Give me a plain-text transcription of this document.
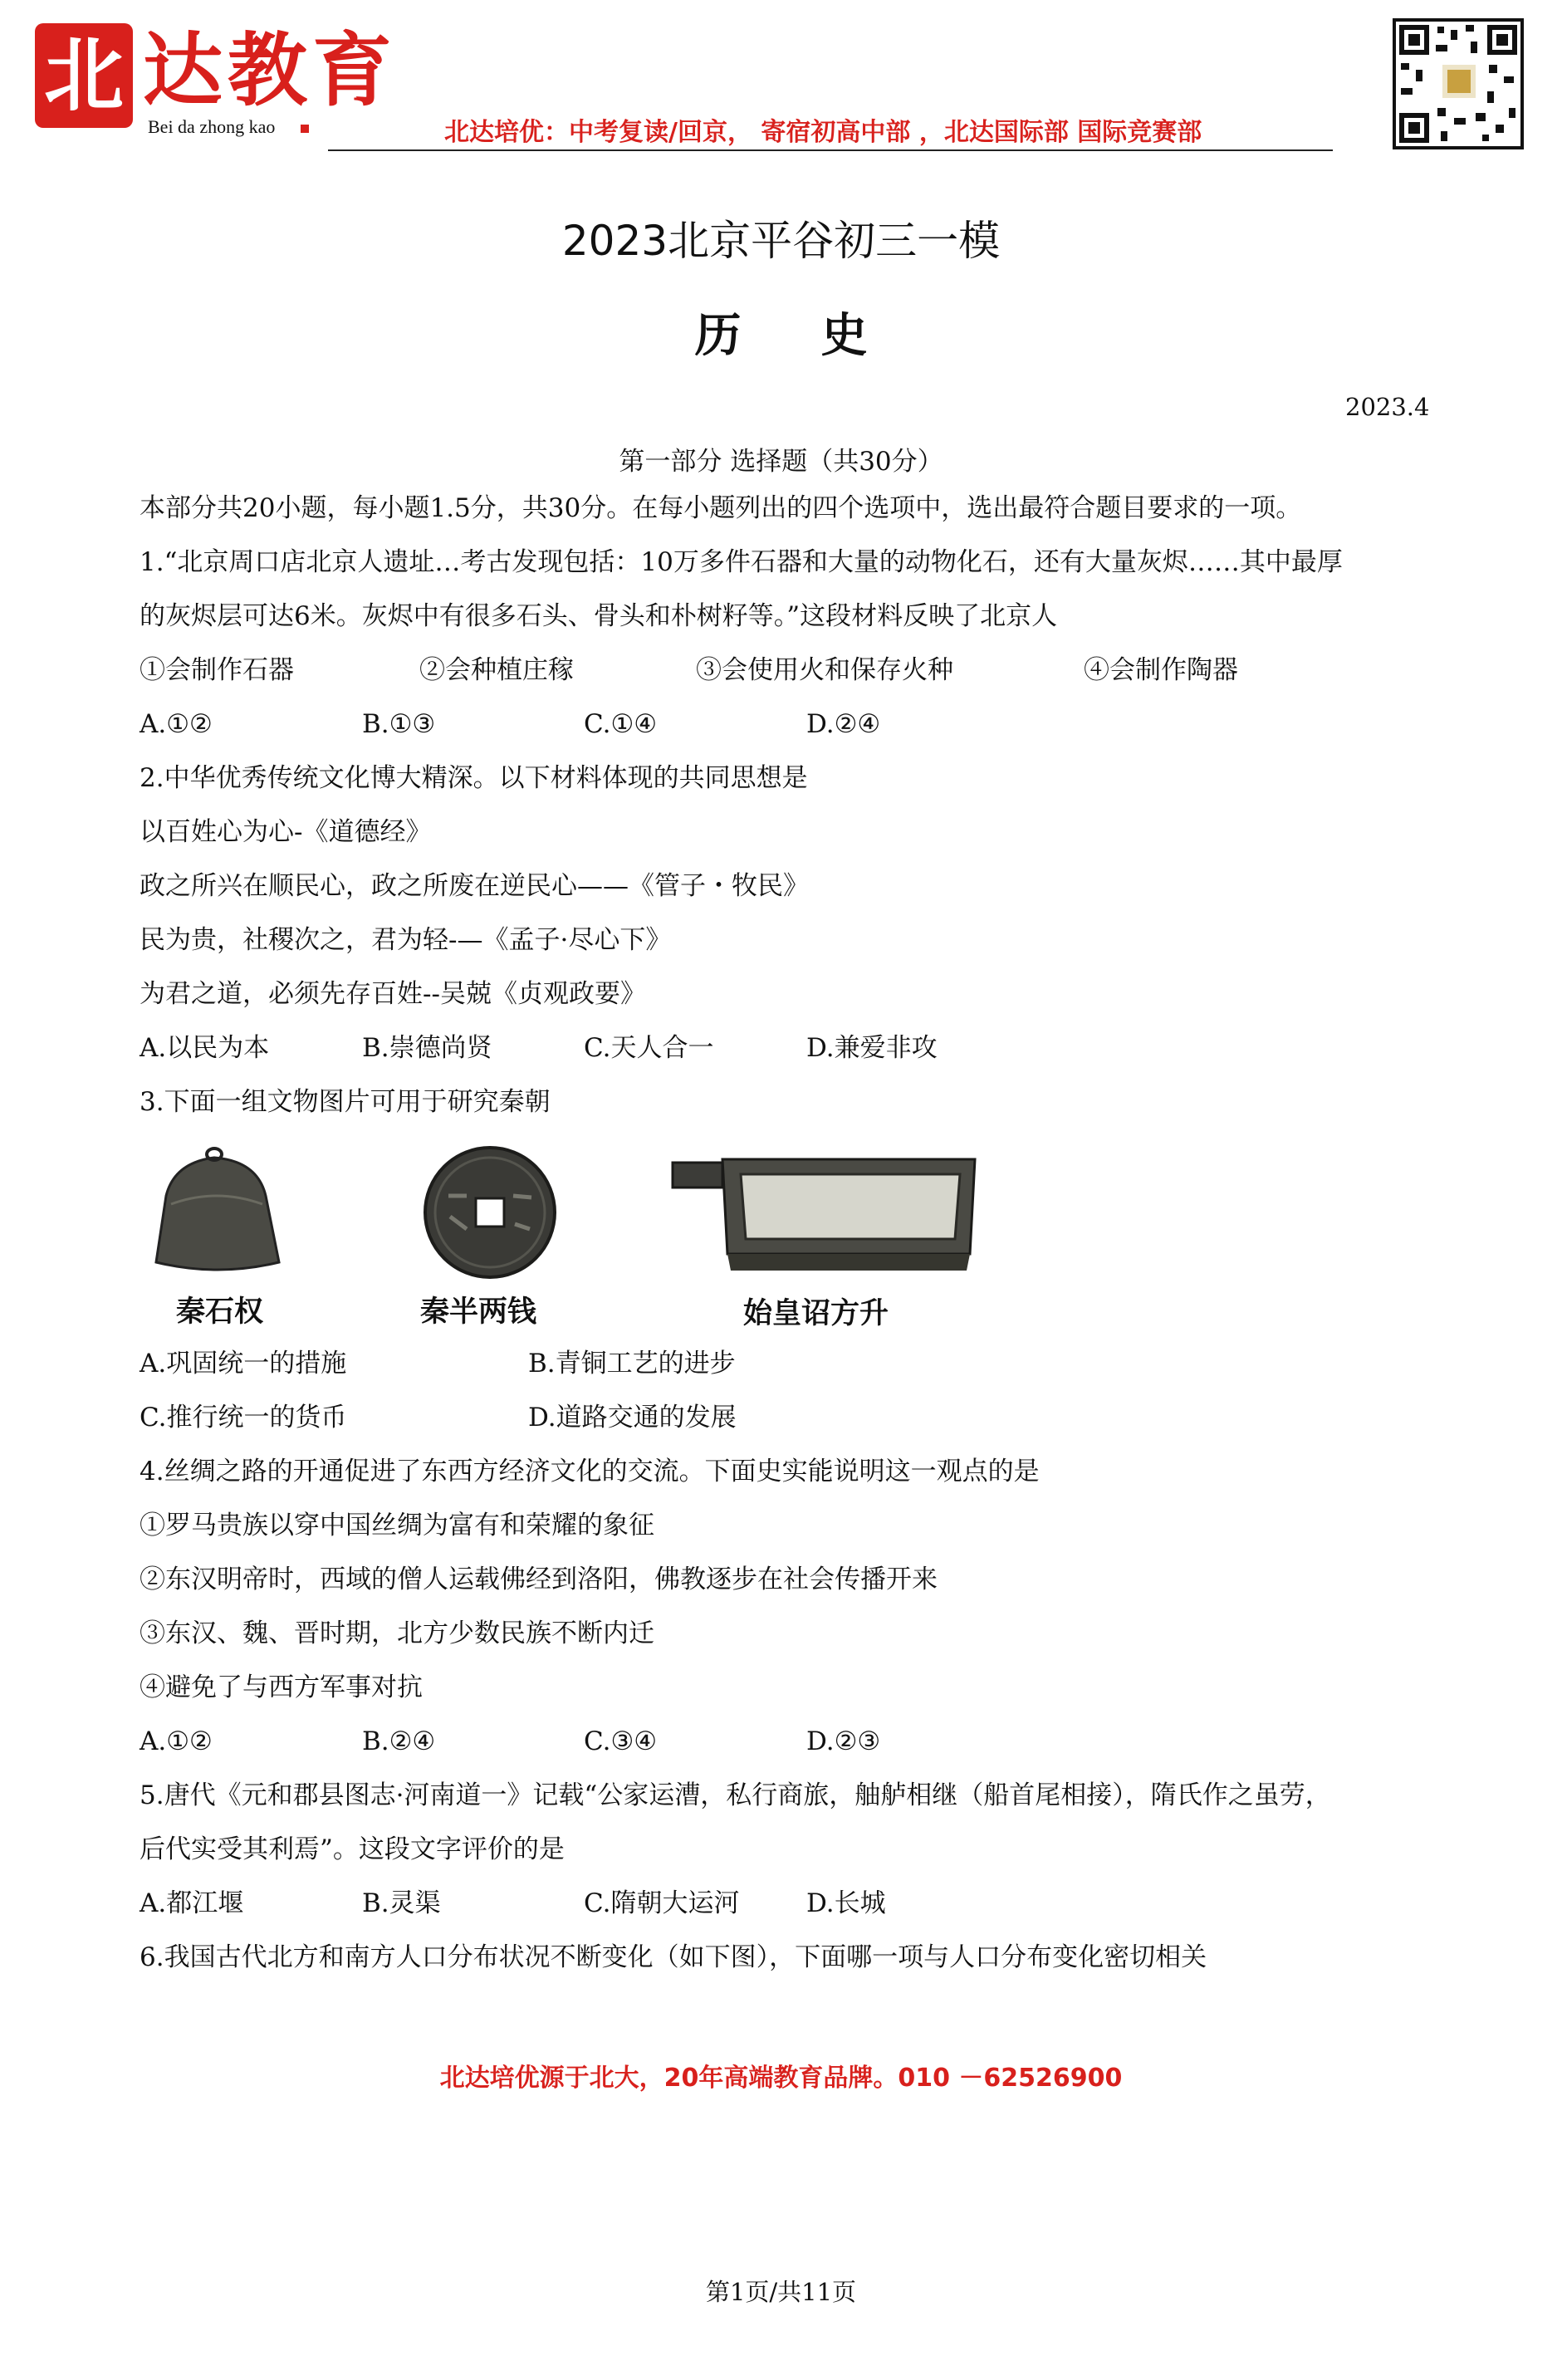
北 达教育
Bei da zhong kao	北达培优：中考复读/回京， 寄宿初高中部 ，北达国际部 国际竞赛部
2023北京平谷初三一模
历史
2023.4
第一部分 选择题（共30分）
本部分共20小题，每小题1.5分，共30分。在每小题列出的四个选项中，选出最符合题目要求的一项。
1.“北京周口店北京人遗址…考古发现包括：10万多件石器和大量的动物化石，还有大量灰烬……其中最厚
的灰烬层可达6米。灰烬中有很多石头、骨头和朴树籽等。”这段材料反映了北京人
①会制作石器	②会种植庄稼	③会使用火和保存火种	④会制作陶器
A.①②	B.①③	C.①④	D.②④
2.中华优秀传统文化博大精深。以下材料体现的共同思想是
以百姓心为心-《道德经》
政之所兴在顺民心，政之所废在逆民心——《管子・牧民》
民为贵，社稷次之，君为轻-—《孟子·尽心下》
为君之道，必须先存百姓--吴兢《贞观政要》
A.以民为本	B.崇德尚贤	C.天人合一	D.兼爱非攻
3.下面一组文物图片可用于研究秦朝
秦石权	秦半两钱	始皇诏方升
A.巩固统一的措施	B.青铜工艺的进步
C.推行统一的货币	D.道路交通的发展
4.丝绸之路的开通促进了东西方经济文化的交流。下面史实能说明这一观点的是
①罗马贵族以穿中国丝绸为富有和荣耀的象征
②东汉明帝时，西域的僧人运载佛经到洛阳，佛教逐步在社会传播开来
③东汉、魏、晋时期，北方少数民族不断内迁
④避免了与西方军事对抗
A.①②	B.②④	C.③④	D.②③
5.唐代《元和郡县图志·河南道一》记载“公家运漕，私行商旅，舳舻相继（船首尾相接），隋氏作之虽劳，
后代实受其利焉”。这段文字评价的是
A.都江堰	B.灵渠	C.隋朝大运河	D.长城
6.我国古代北方和南方人口分布状况不断变化（如下图），下面哪一项与人口分布变化密切相关
北达培优源于北大，20年高端教育品牌。010 －62526900
第1页/共11页
